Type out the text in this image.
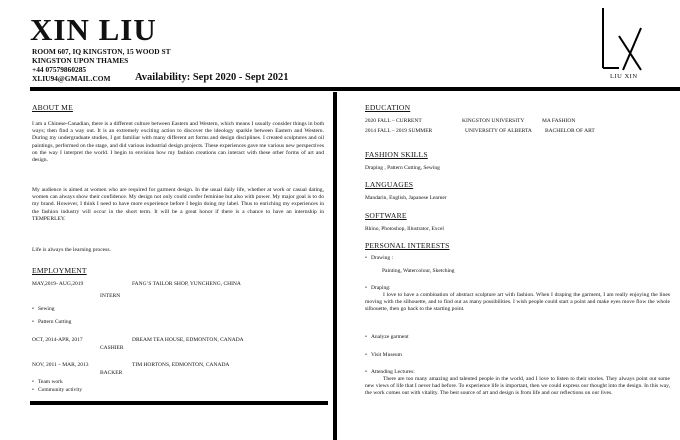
XIN LIU
ROOM 607, IQ KINGSTON, 15 WOOD ST
KINGSTON UPON THAMES
+44 07579860285
XLIU94@GMAIL.COM	Availability: Sept 2020 - Sept 2021	LIU XIN
ABOUT ME
I am a Chinese-Canadian, there is a different culture between Eastern and Western, which means I usually consider things in both ways; then find a way out. It is an extremely exciting action to discover the ideology sparkle between Eastern and Western. During my undergraduate studies, I got familiar with many different art forms and design disciplines. I created sculptures and oil paintings, performed on the stage, and did various industrial design projects. These experiences gave me various new perspectives on the way I interpret the world. I begin to envision how my fashion creations can interact with these other forms of art and design.
My audience is aimed at women who are required for garment design. In the usual daily life, whether at work or casual dating, women can always show their confidence. My design not only could confer feminine but also with power. My major goal is to do my brand. However, I think I need to have more experience before I begin doing my label. Thus to enriching my experiences in the fashion industry will occur in the short term. It will be a great honor if there is a chance to have an internship in TEMPERLEY.
Life is always the learning process.
EMPLOYMENT
MAY,2019- AUG,2019	FANG’S TAILOR SHOP, YUNCHENG, CHINA
INTERN
• Sewing
• Pattern Cutting
OCT, 2014-APR, 2017	DREAM TEA HOUSE, EDMONTON, CANADA
CASHIER
NOV, 2011 – MAR, 2013	TIM HORTONS, EDMONTON, CANADA
BACKER
• Team work
• Community activity
EDUCATION
2020 FALL – CURRENT	KINGSTON UNIVERSITY	MA FASHION
2014 FALL – 2019 SUMMER	UNIVERSITY OF ALBERTA BACHELOR OF ART
FASHION SKILLS
Draping , Pattern Cutting, Sewing
LANGUAGES
Mandarin, English, Japanese Learner
SOFTWARE
Rhino, Photoshop, Illustrator, Excel
PERSONAL INTERESTS
• Drawing :
Painting, Watercolour, Sketching
• Draping:
I love to have a combination of abstract sculpture art with fashion. When I draping the garment, I am really enjoying the lines moving with the silhouette, and to find out as many possibilities. I wish people could start a point and make eyes move flow the whole silhouette, then go back to the starting point.
• Analyze garment
• Visit Museum
• Attending Lectures:
There are too many amazing and talented people in the world, and I love to listen to their stories. They always point out some new views of life that I never had before. To experience life is important, then we could express our thought into the design. In this way, the work comes out with vitality. The best source of art and design is from life and our reflections on our lives.
